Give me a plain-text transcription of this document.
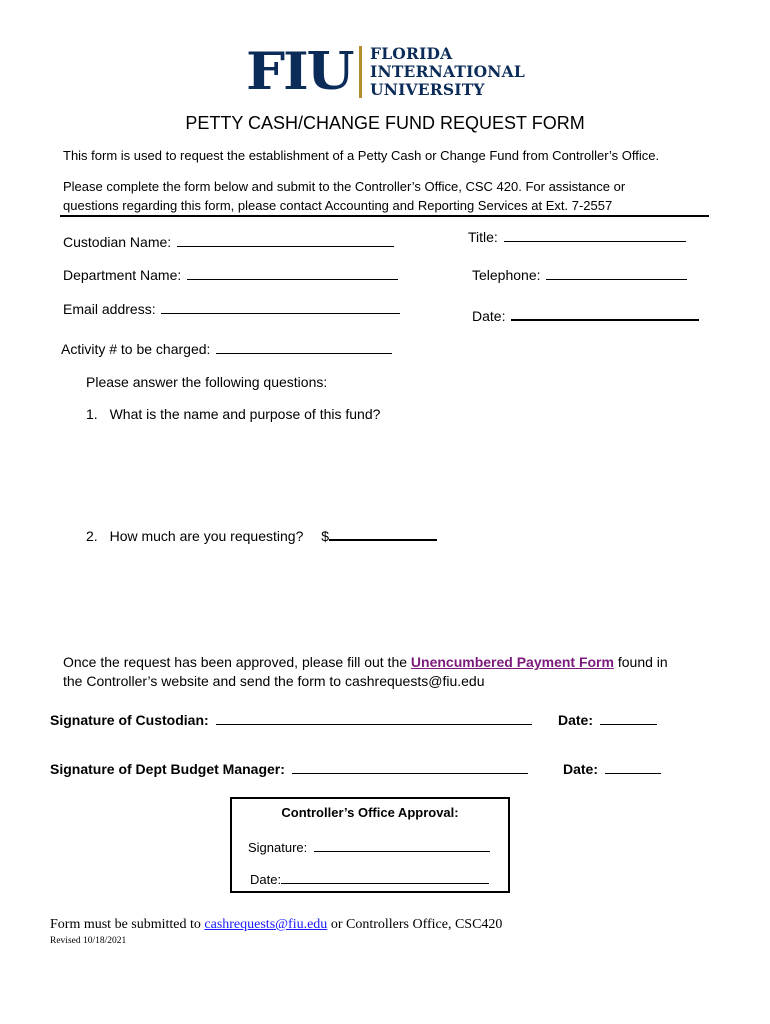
FIU FLORIDA
INTERNATIONAL
UNIVERSITY
PETTY CASH/CHANGE FUND REQUEST FORM
This form is used to request the establishment of a Petty Cash or Change Fund from Controller’s Office.
Please complete the form below and submit to the Controller’s Office, CSC 420. For assistance or
questions regarding this form, please contact Accounting and Reporting Services at Ext. 7-2557
Custodian Name:
Department Name:
Email address:
Activity # to be charged:
Title:
Telephone:
Date:
Please answer the following questions:
1. What is the name and purpose of this fund?
2. How much are you requesting? $
Once the request has been approved, please fill out the Unencumbered Payment Form found in
the Controller’s website and send the form to cashrequests@fiu.edu
Signature of Custodian:	Date:
Signature of Dept Budget Manager:	Date:
Controller’s Office Approval:
Signature:
Date:
Form must be submitted to cashrequests@fiu.edu or Controllers Office, CSC420
Revised 10/18/2021
